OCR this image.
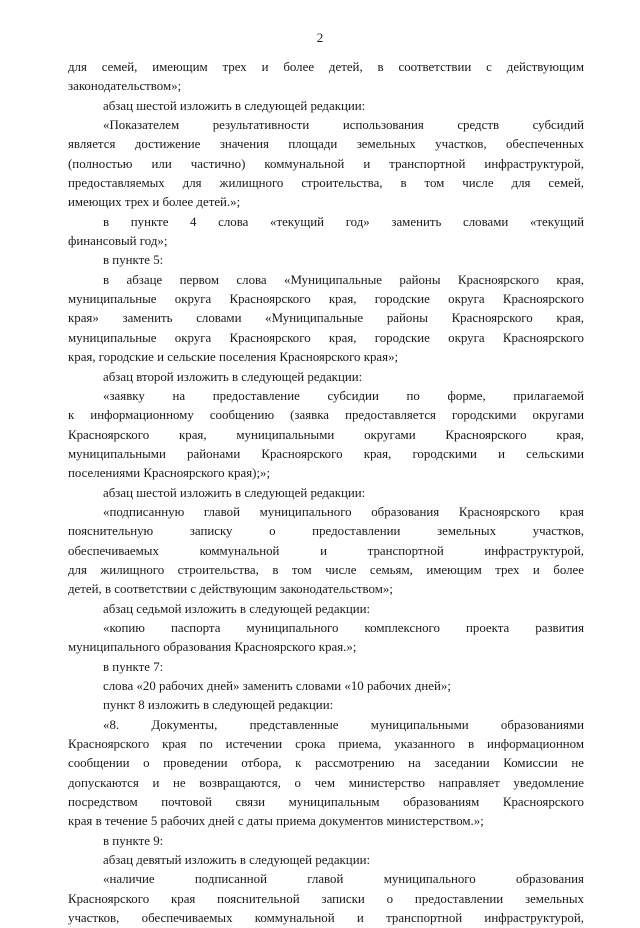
2
для семей, имеющим трех и более детей, в соответствии с действующим
законодательством»;
абзац шестой изложить в следующей редакции:
«Показателем результативности использования средств субсидий
является достижение значения площади земельных участков, обеспеченных
(полностью или частично) коммунальной и транспортной инфраструктурой,
предоставляемых для жилищного строительства, в том числе для семей,
имеющих трех и более детей.»;
в пункте 4 слова «текущий год» заменить словами «текущий
финансовый год»;
в пункте 5:
в абзаце первом слова «Муниципальные районы Красноярского края,
муниципальные округа Красноярского края, городские округа Красноярского
края» заменить словами «Муниципальные районы Красноярского края,
муниципальные округа Красноярского края, городские округа Красноярского
края, городские и сельские поселения Красноярского края»;
абзац второй изложить в следующей редакции:
«заявку на предоставление субсидии по форме, прилагаемой
к информационному сообщению (заявка предоставляется городскими округами
Красноярского края, муниципальными округами Красноярского края,
муниципальными районами Красноярского края, городскими и сельскими
поселениями Красноярского края);»;
абзац шестой изложить в следующей редакции:
«подписанную главой муниципального образования Красноярского края
пояснительную записку о предоставлении земельных участков,
обеспечиваемых коммунальной и транспортной инфраструктурой,
для жилищного строительства, в том числе семьям, имеющим трех и более
детей, в соответствии с действующим законодательством»;
абзац седьмой изложить в следующей редакции:
«копию паспорта муниципального комплексного проекта развития
муниципального образования Красноярского края.»;
в пункте 7:
слова «20 рабочих дней» заменить словами «10 рабочих дней»;
пункт 8 изложить в следующей редакции:
«8. Документы, представленные муниципальными образованиями
Красноярского края по истечении срока приема, указанного в информационном
сообщении о проведении отбора, к рассмотрению на заседании Комиссии не
допускаются и не возвращаются, о чем министерство направляет уведомление
посредством почтовой связи муниципальным образованиям Красноярского
края в течение 5 рабочих дней с даты приема документов министерством.»;
в пункте 9:
абзац девятый изложить в следующей редакции:
«наличие подписанной главой муниципального образования
Красноярского края пояснительной записки о предоставлении земельных
участков, обеспечиваемых коммунальной и транспортной инфраструктурой,
